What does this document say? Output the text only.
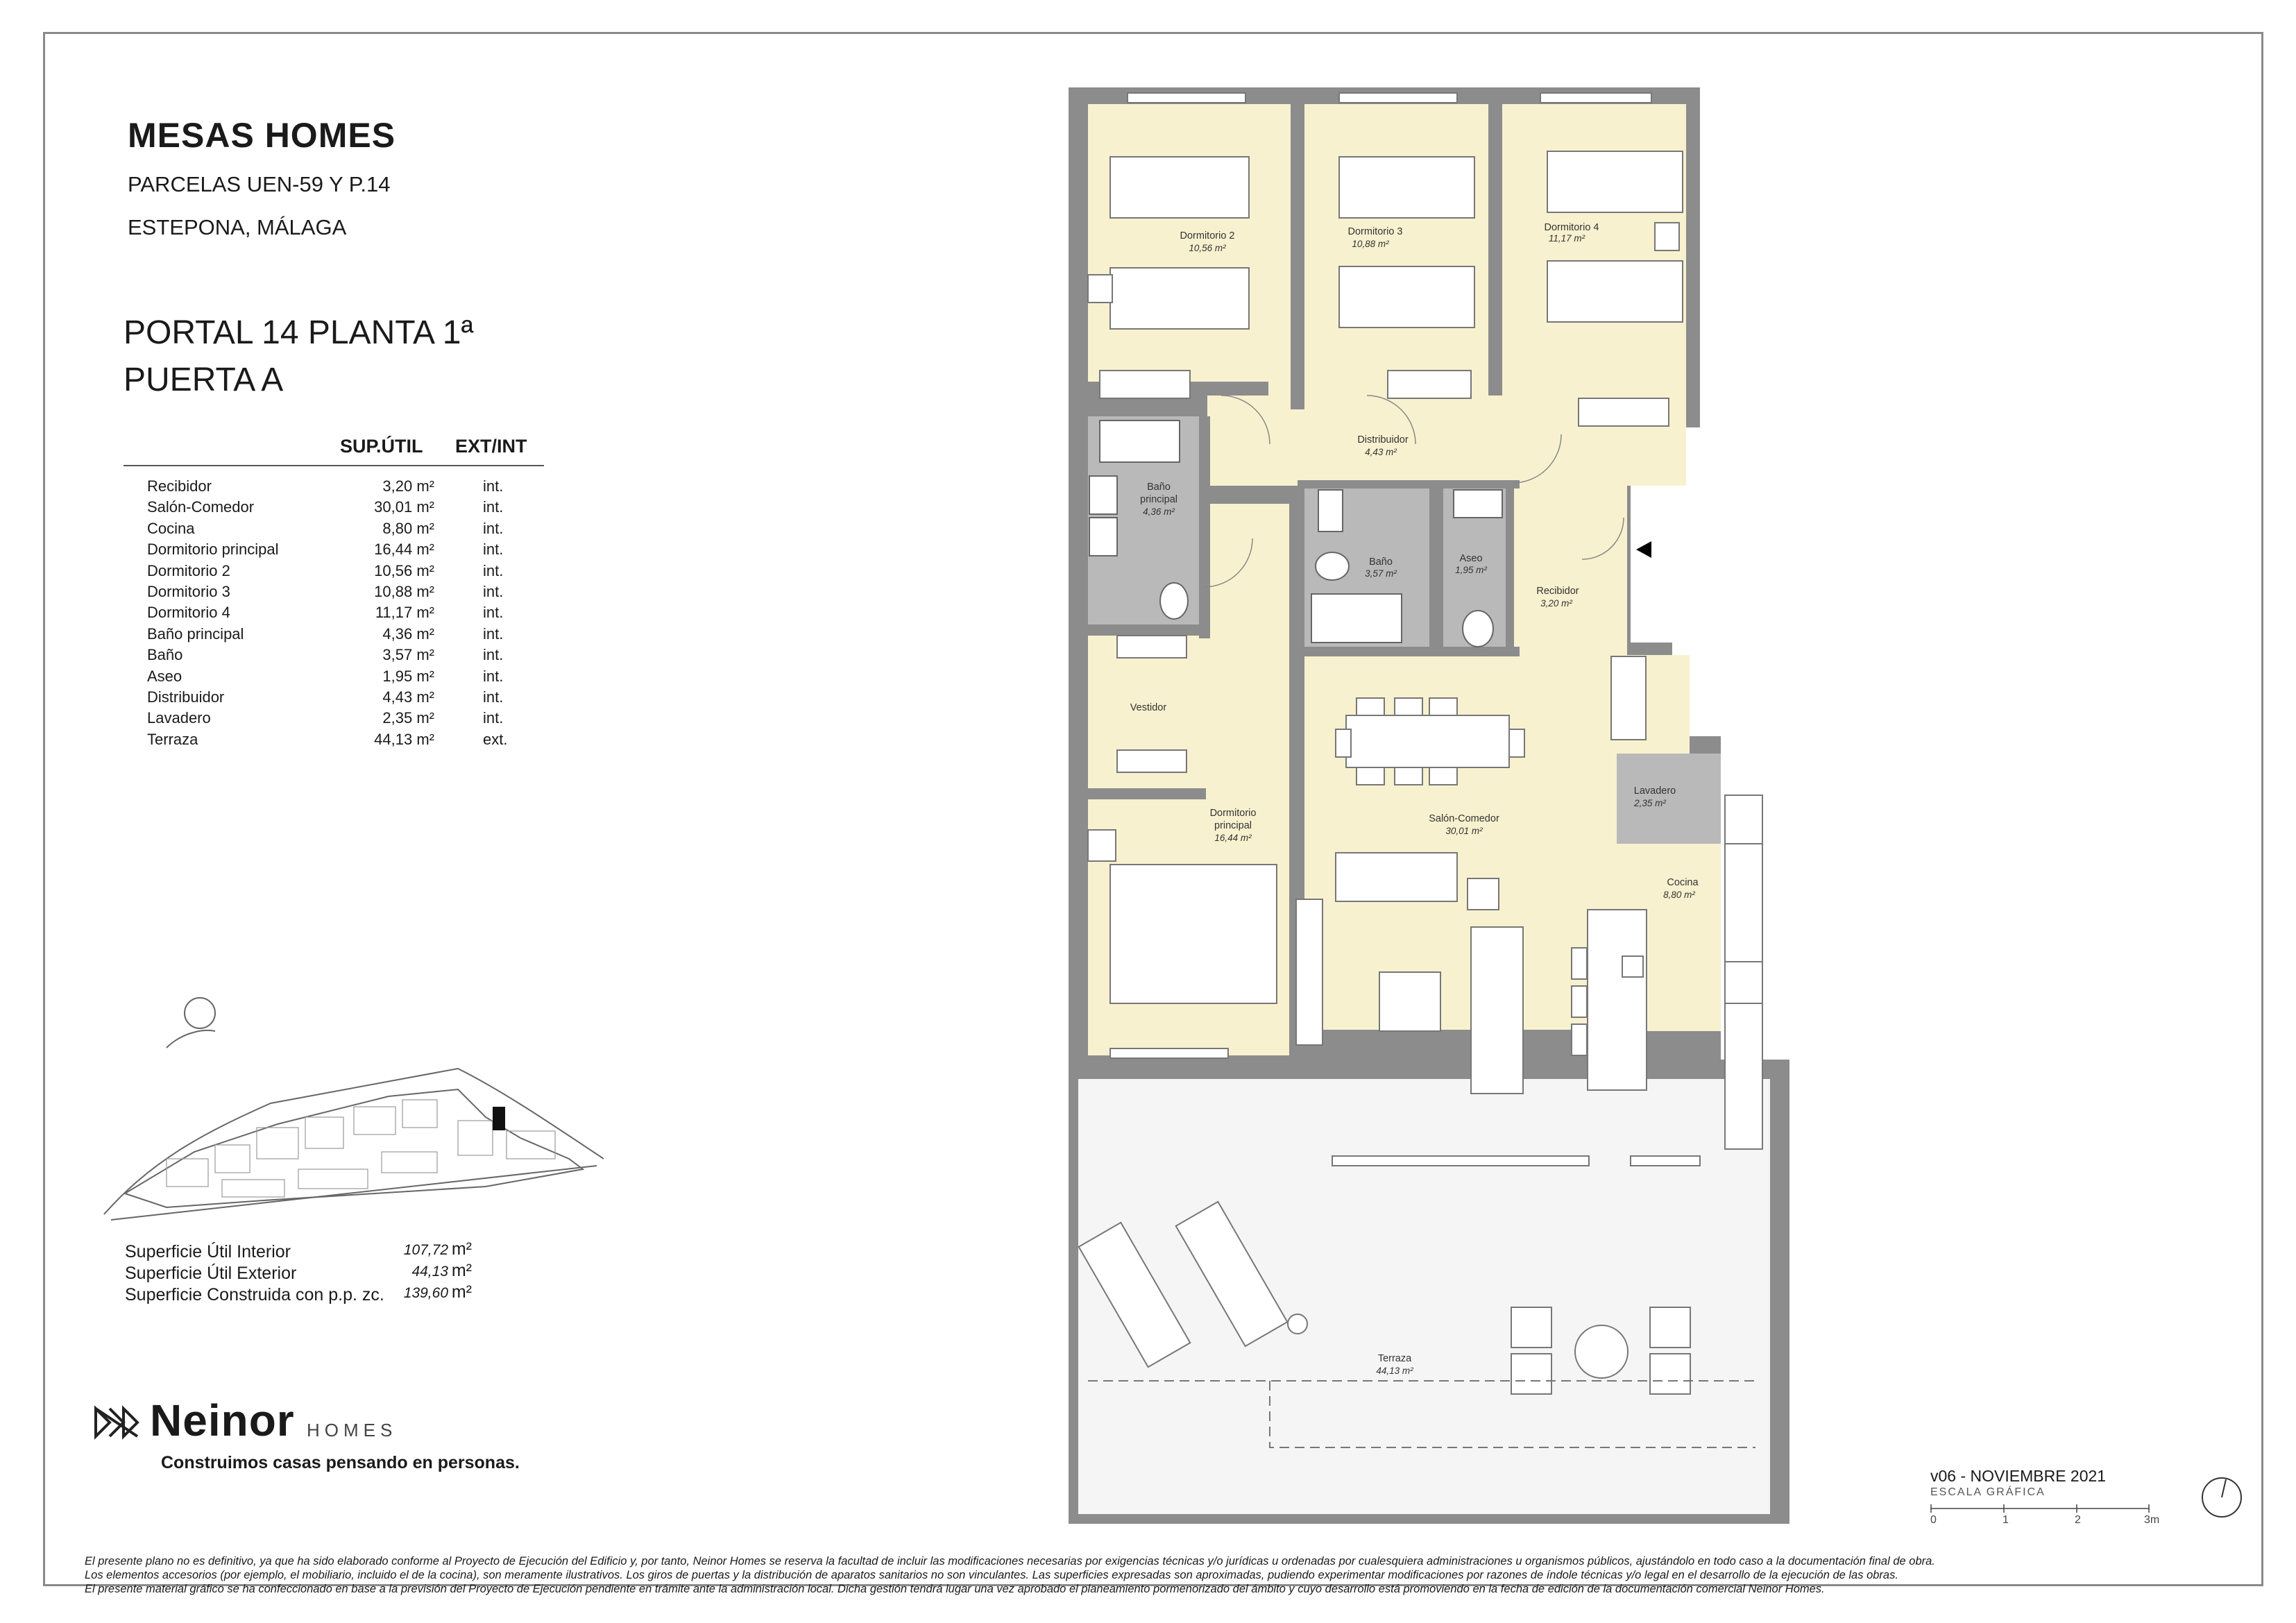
MESAS HOMES
PARCELAS UEN-59 Y P.14
ESTEPONA, MÁLAGA
PORTAL 14 PLANTA 1ª
PUERTA A
SUP.ÚTIL EXT/INT
Recibidor	3,20 m²	int.
Salón-Comedor	30,01 m²	int.
Cocina	8,80 m²	int.
Dormitorio principal	16,44 m²	int.
Dormitorio 2	10,56 m²	int.
Dormitorio 3	10,88 m²	int.
Dormitorio 4	11,17 m²	int.
Baño principal	4,36 m²	int.
Baño	3,57 m²	int.
Aseo	1,95 m²	int.
Distribuidor	4,43 m²	int.
Lavadero	2,35 m²	int.
Terraza	44,13 m²	ext.
Superficie Útil Interior	107,72 m²
Superficie Útil Exterior	44,13 m²
Superficie Construida con p.p. zc. 139,60 m²
Neinor HOMES
Construimos casas pensando en personas.
v06 - NOVIEMBRE 2021
ESCALA GRÁFICA
0	1	2	3m
El presente plano no es definitivo, ya que ha sido elaborado conforme al Proyecto de Ejecución del Edificio y, por tanto, Neinor Homes se reserva la facultad de incluir las modificaciones necesarias por exigencias técnicas y/o jurídicas u ordenadas por cualesquiera administraciones u organismos públicos, ajustándolo en todo caso a la documentación final de obra.
Los elementos accesorios (por ejemplo, el mobiliario, incluido el de la cocina), son meramente ilustrativos. Los giros de puertas y la distribución de aparatos sanitarios no son vinculantes. Las superficies expresadas son aproximadas, pudiendo experimentar modificaciones por razones de índole técnicas y/o legal en el desarrollo de la ejecución de las obras.
El presente material gráfico se ha confeccionado en base a la previsión del Proyecto de Ejecución pendiente en trámite ante la administración local. Dicha gestión tendrá lugar una vez aprobado el planeamiento pormenorizado del ámbito y cuyo desarrollo está promoviendo en la fecha de edición de la documentación comercial Neinor Homes.
Dormitorio 2
10,56 m²
Dormitorio 3
10,88 m²
Dormitorio 4
11,17 m²
Distribuidor
4,43 m²
Baño
principal
4,36 m²
Baño
3,57 m²
Aseo
1,95 m²
Recibidor
3,20 m²
Vestidor
Lavadero
2,35 m²
Dormitorio
principal
16,44 m²
Salón-Comedor
30,01 m²
Cocina
8,80 m²
Terraza
44,13 m²
